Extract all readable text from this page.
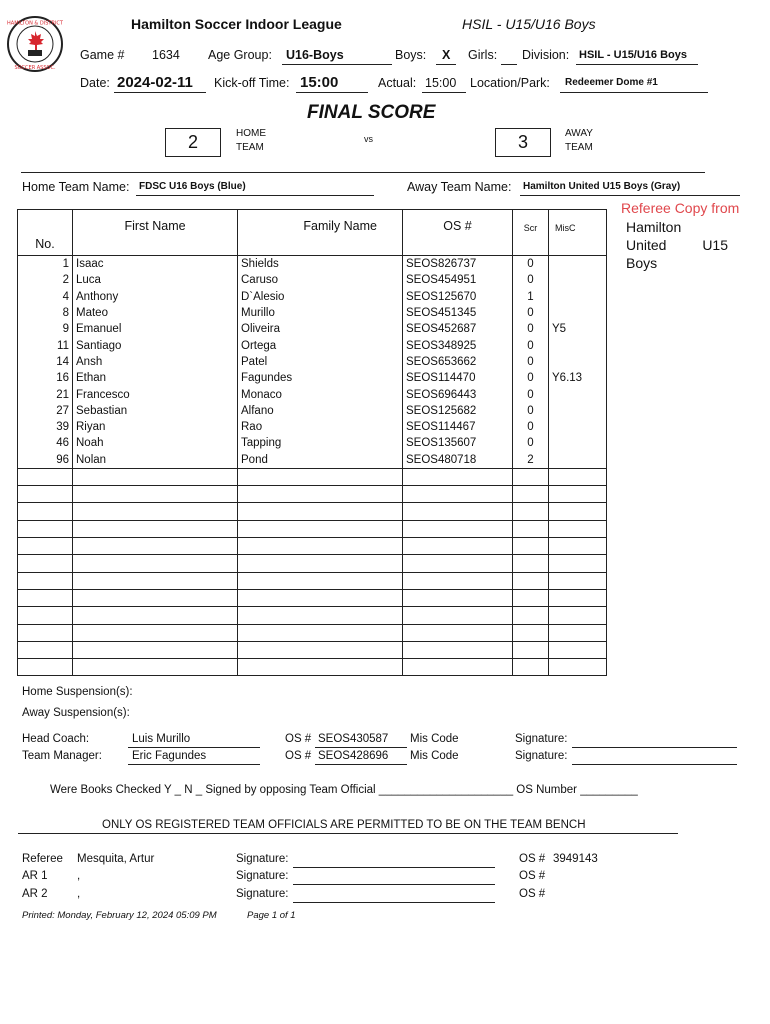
HAMILTON & DISTRICT
SOCCER ASSOC.
Hamilton Soccer Indoor League	HSIL - U15/U16 Boys
Game # 1634 Age Group: U16-Boys	Boys: X Girls: Division: HSIL - U15/U16 Boys
Date: 2024-02-11 Kick-off Time: 15:00	Actual: 15:00 Location/Park: Redeemer Dome #1
FINAL SCORE
2	HOME
TEAM
vs	3	AWAY
TEAM
Home Team Name: FDSC U16 Boys (Blue)	Away Team Name: Hamilton United U15 Boys (Gray)
Referee Copy from
Hamilton
United	U15
Boys
No.	First Name	Family Name	OS #	Scr	MisC
1	Isaac	Shields	SEOS826737	0	
2	Luca	Caruso	SEOS454951	0	
4	Anthony	D`Alesio	SEOS125670	1	
8	Mateo	Murillo	SEOS451345	0	
9	Emanuel	Oliveira	SEOS452687	0	Y5
11	Santiago	Ortega	SEOS348925	0	
14	Ansh	Patel	SEOS653662	0	
16	Ethan	Fagundes	SEOS114470	0	Y6.13
21	Francesco	Monaco	SEOS696443	0	
27	Sebastian	Alfano	SEOS125682	0	
39	Riyan	Rao	SEOS114467	0	
46	Noah	Tapping	SEOS135607	0	
96	Nolan	Pond	SEOS480718	2	

Home Suspension(s):
Away Suspension(s):
Head Coach:	Luis Murillo	OS # SEOS430587 Mis Code	Signature:
Team Manager:	Eric Fagundes	OS # SEOS428696 Mis Code	Signature:
Were Books Checked Y _ N _ Signed by opposing Team Official _____________________ OS Number _________
ONLY OS REGISTERED TEAM OFFICIALS ARE PERMITTED TO BE ON THE TEAM BENCH
Referee Mesquita, Artur	Signature:	OS # 3949143
AR 1	,	Signature:	OS #
AR 2	,	Signature:	OS #
Printed: Monday, February 12, 2024 05:09 PM	Page 1 of 1
